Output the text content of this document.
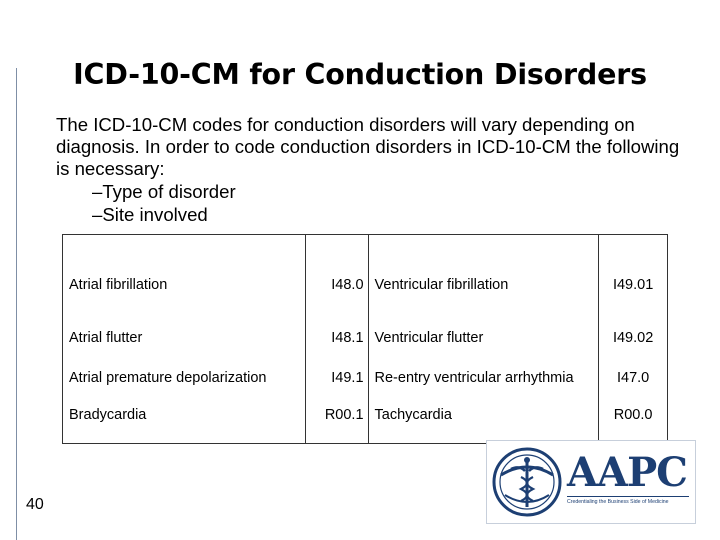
ICD-10-CM for Conduction Disorders

The ICD-10-CM codes for conduction disorders will vary depending on diagnosis. In order to code conduction disorders in ICD-10-CM the following is necessary:

–Type of disorder
–Site involved
Atrial fibrillation	I48.0	Ventricular fibrillation	I49.01
Atrial flutter	I48.1	Ventricular flutter	I49.02
Atrial premature depolarization	I49.1	Re-entry ventricular arrhythmia	I47.0
Bradycardia	R00.1	Tachycardia	R00.0
40
AAPC
Credentialing the Business Side of Medicine
